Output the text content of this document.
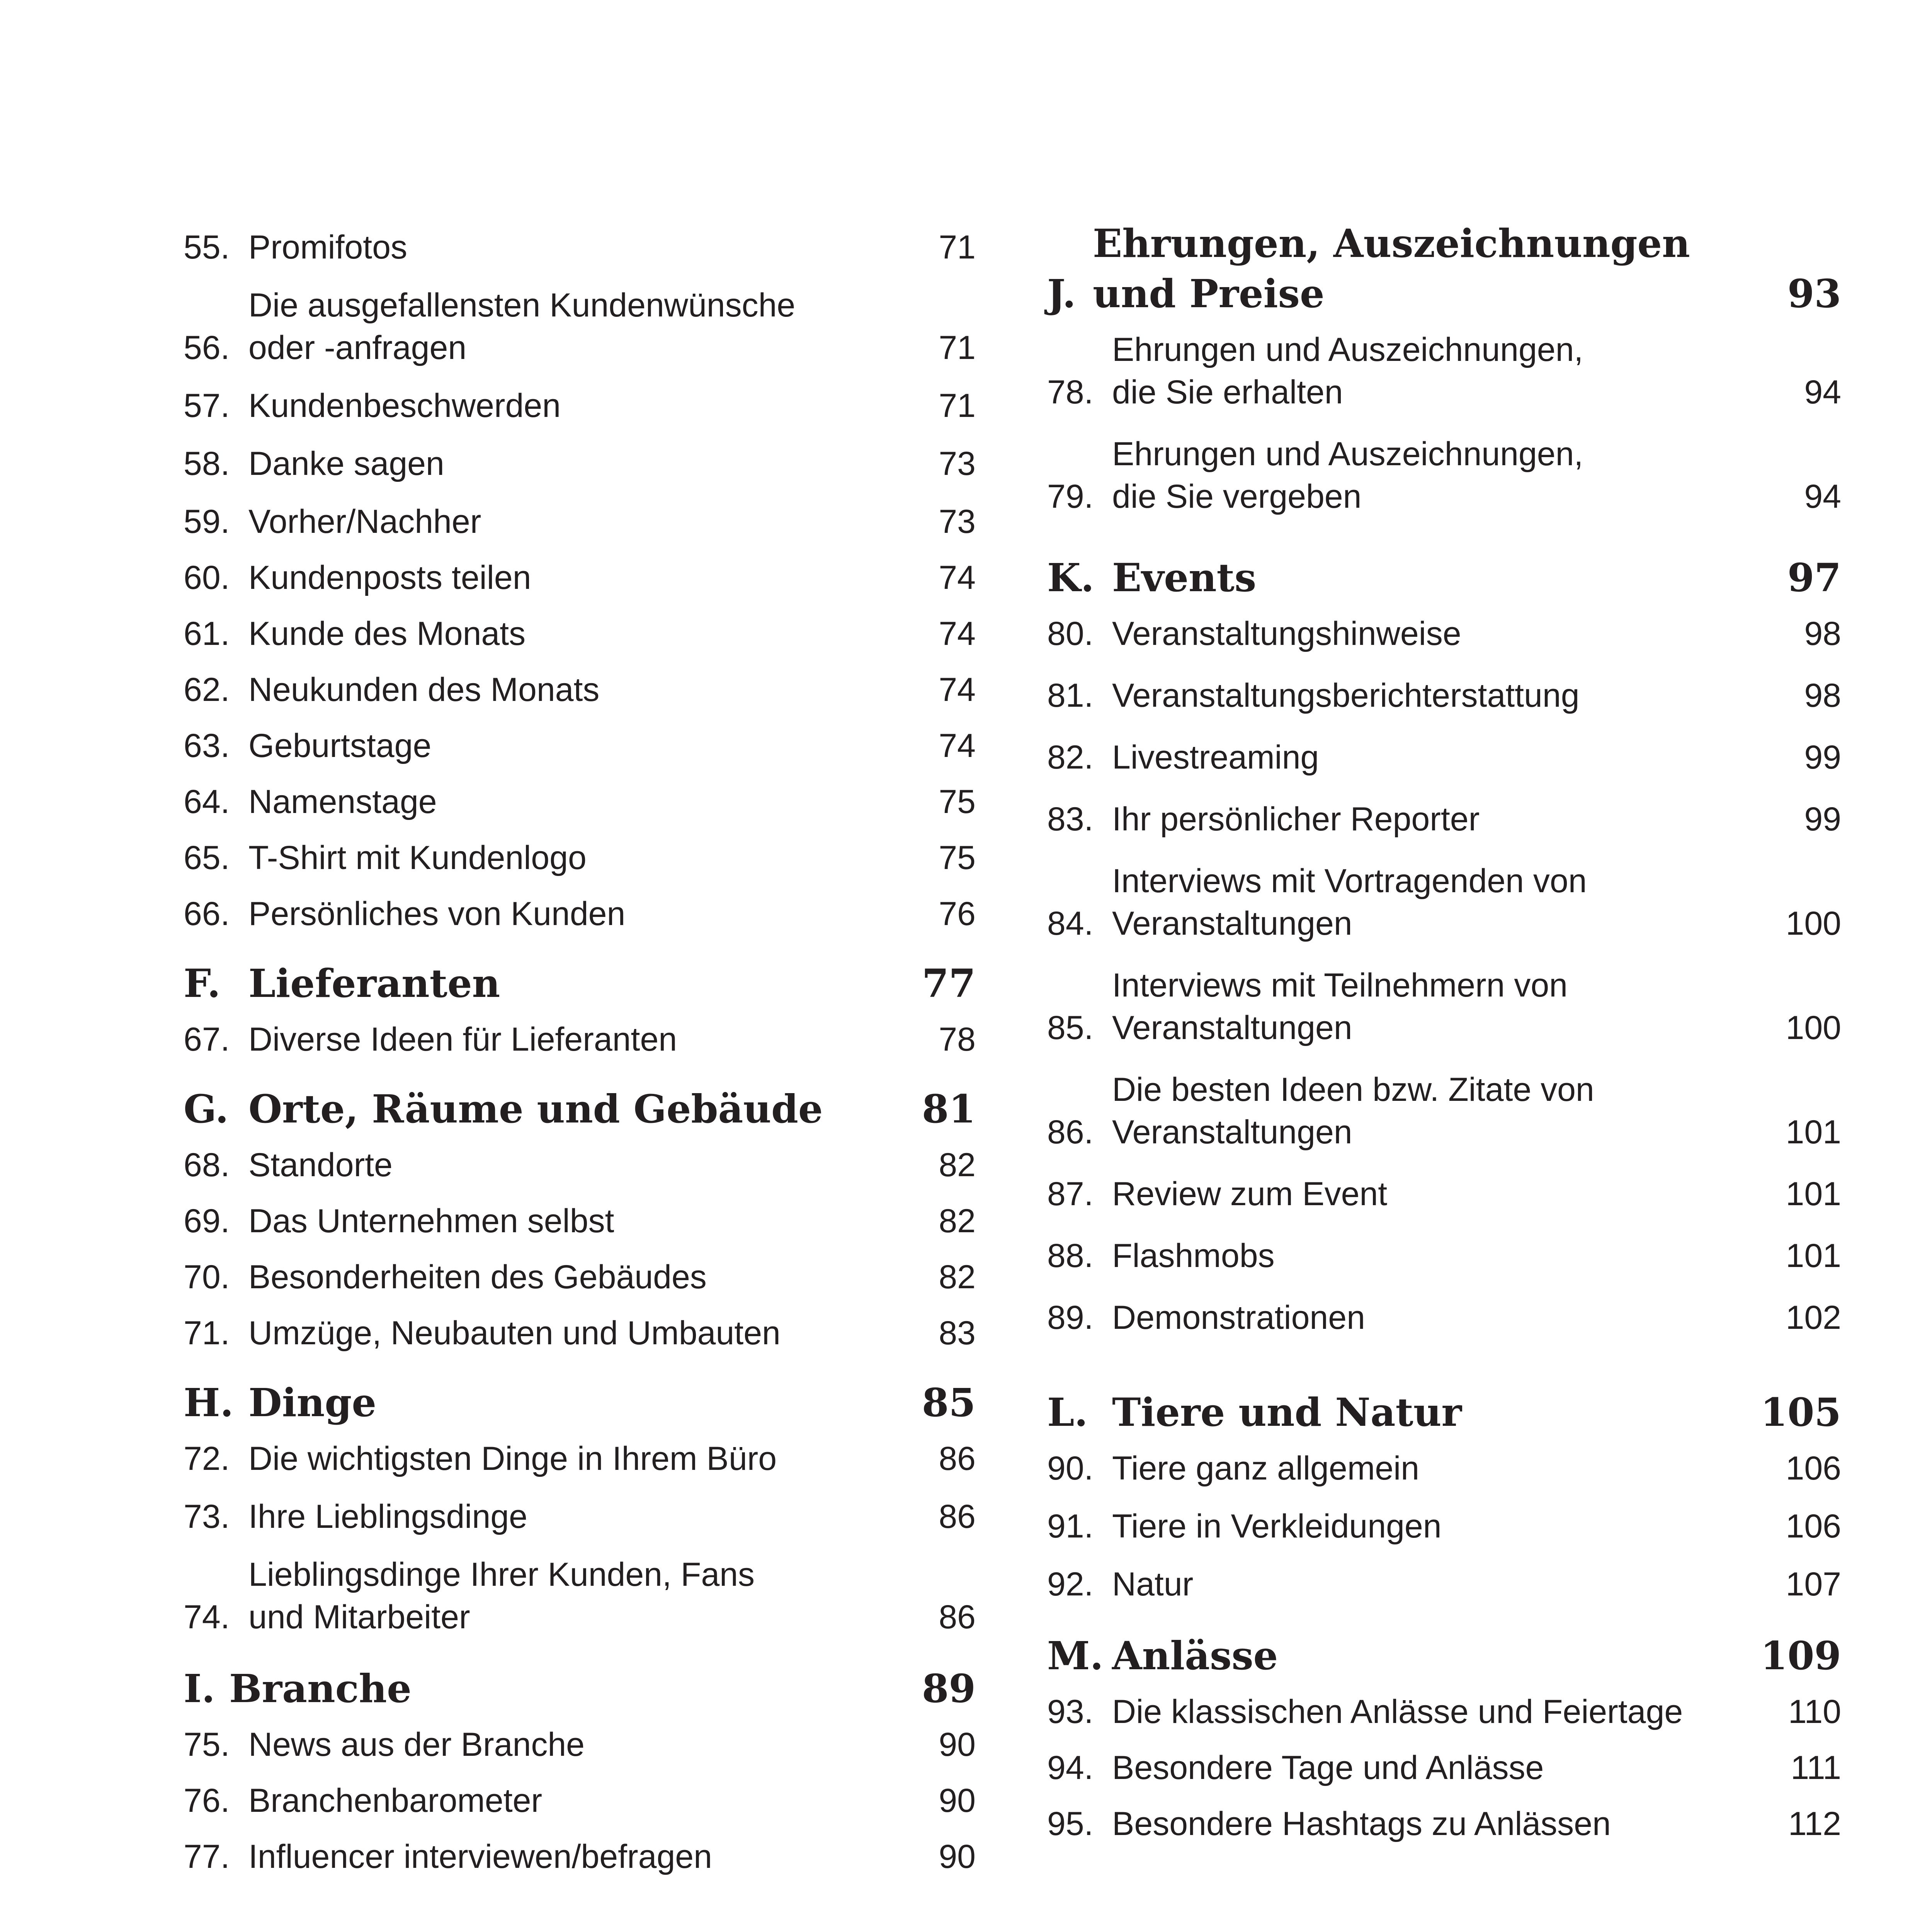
55. Promifotos	71
56.
Die ausgefallensten Kundenwünsche
oder -anfragen	71
57. Kundenbeschwerden	71
58. Danke sagen	73
59. Vorher/Nachher	73
60. Kundenposts teilen	74
61. Kunde des Monats	74
62. Neukunden des Monats	74
63. Geburtstage	74
64. Namenstage	75
65. T-Shirt mit Kundenlogo	75
66. Persönliches von Kunden	76
F. Lieferanten	77
67. Diverse Ideen für Lieferanten	78
G. Orte, Räume und Gebäude	81
68. Standorte	82
69. Das Unternehmen selbst	82
70. Besonderheiten des Gebäudes	82
71. Umzüge, Neubauten und Umbauten	83
H. Dinge	85
72. Die wichtigsten Dinge in Ihrem Büro	86
73. Ihre Lieblingsdinge	86
74.
Lieblingsdinge Ihrer Kunden, Fans
und Mitarbeiter	86
I. Branche	89
75. News aus der Branche	90
76. Branchenbarometer	90
77. Influencer interviewen/befragen	90
J.
Ehrungen, Auszeichnungen
und Preise	93
78.
Ehrungen und Auszeichnungen,
die Sie erhalten	94
79.
Ehrungen und Auszeichnungen,
die Sie vergeben	94
K. Events	97
80. Veranstaltungshinweise	98
81. Veranstaltungsberichterstattung	98
82. Livestreaming	99
83. Ihr persönlicher Reporter	99
84.
Interviews mit Vortragenden von
Veranstaltungen	100
85.
Interviews mit Teilnehmern von
Veranstaltungen	100
86.
Die besten Ideen bzw. Zitate von
Veranstaltungen	101
87. Review zum Event	101
88. Flashmobs	101
89. Demonstrationen	102
L. Tiere und Natur	105
90. Tiere ganz allgemein	106
91. Tiere in Verkleidungen	106
92. Natur	107
M. Anlässe	109
93. Die klassischen Anlässe und Feiertage	110
94. Besondere Tage und Anlässe	111
95. Besondere Hashtags zu Anlässen	112
